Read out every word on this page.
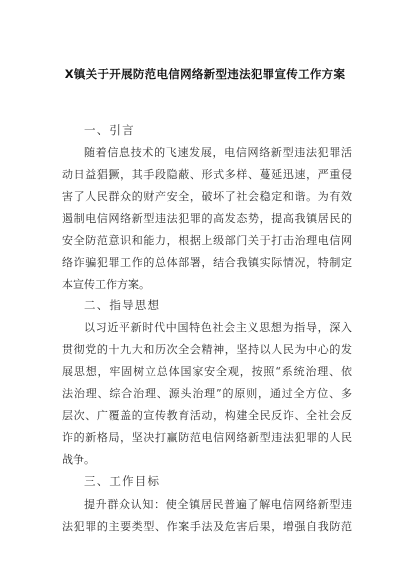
X镇关于开展防范电信网络新型违法犯罪宣传工作方案
一、引言
随着信息技术的飞速发展，电信网络新型违法犯罪活
动日益猖獗，其手段隐蔽、形式多样、蔓延迅速，严重侵
害了人民群众的财产安全，破坏了社会稳定和谐。为有效
遏制电信网络新型违法犯罪的高发态势，提高我镇居民的
安全防范意识和能力，根据上级部门关于打击治理电信网
络诈骗犯罪工作的总体部署，结合我镇实际情况，特制定
本宣传工作方案。
二、指导思想
以习近平新时代中国特色社会主义思想为指导，深入
贯彻党的十九大和历次全会精神，坚持以人民为中心的发
展思想，牢固树立总体国家安全观，按照“系统治理、依
法治理、综合治理、源头治理”的原则，通过全方位、多
层次、广覆盖的宣传教育活动，构建全民反诈、全社会反
诈的新格局，坚决打赢防范电信网络新型违法犯罪的人民
战争。
三、工作目标
提升群众认知：使全镇居民普遍了解电信网络新型违
法犯罪的主要类型、作案手法及危害后果，增强自我防范
